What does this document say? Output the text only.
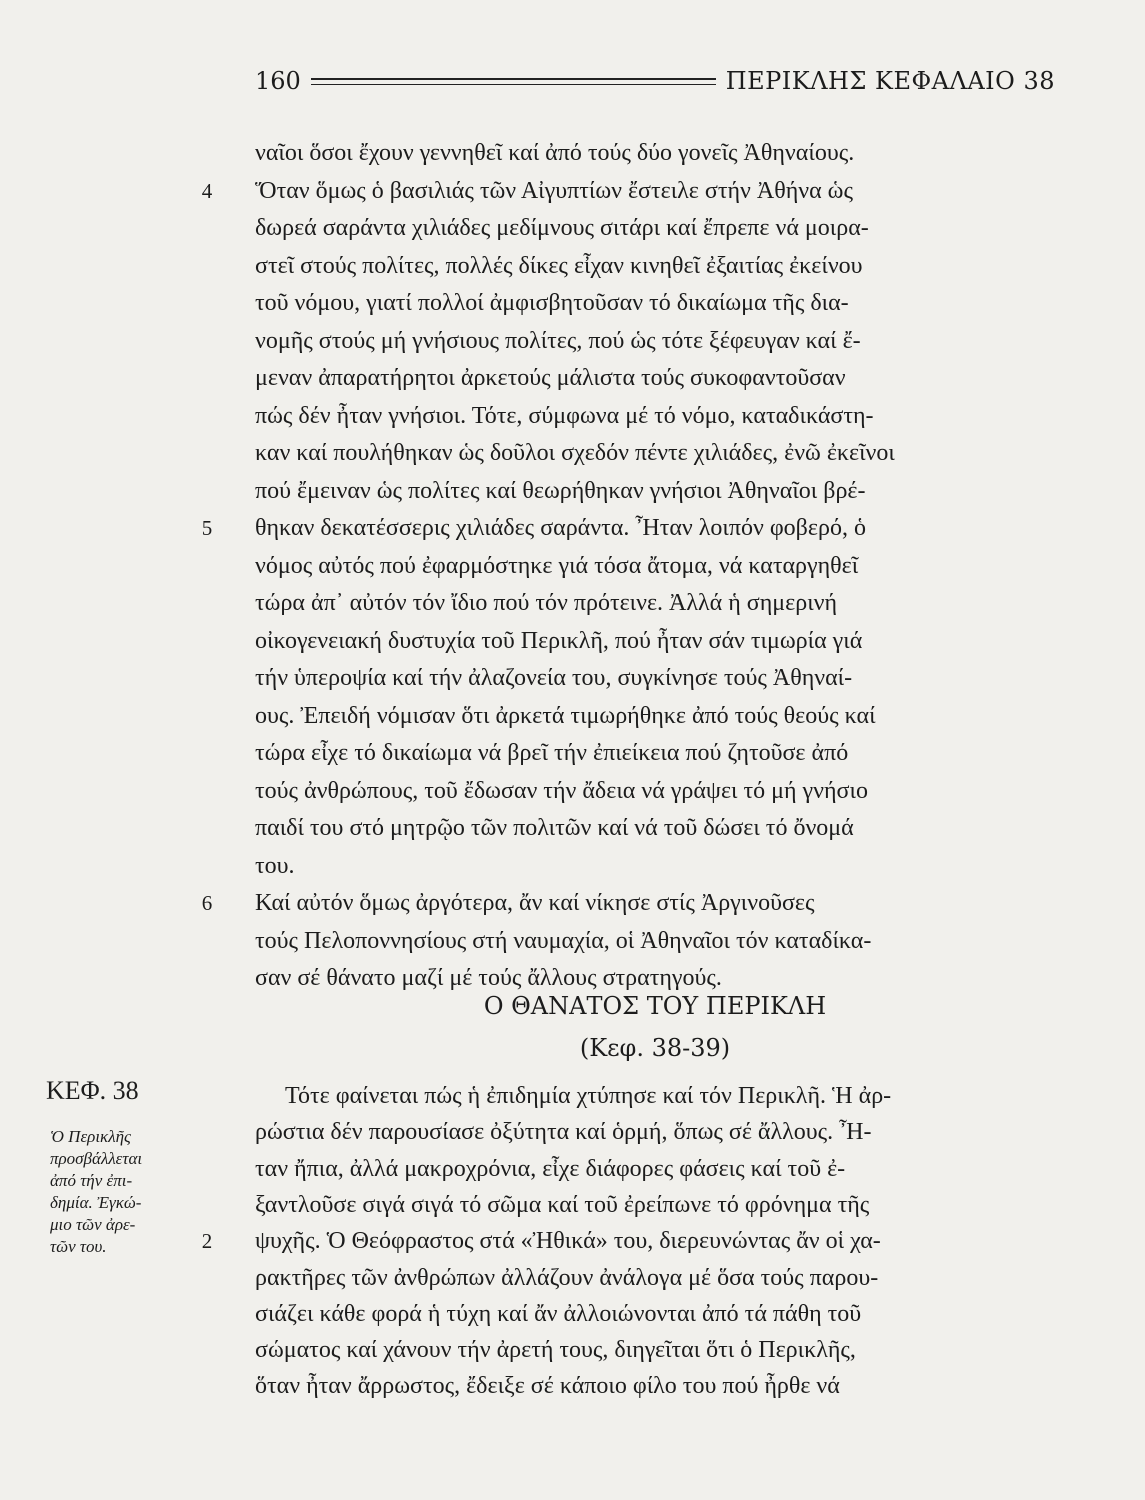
160	ΠΕΡΙΚΛΗΣ ΚΕΦΑΛΑΙΟ 38
ναῖοι ὅσοι ἔχουν γεννηθεῖ καί ἀπό τούς δύο γονεῖς Ἀθηναίους.
Ὅταν ὅμως ὁ βασιλιάς τῶν Αἰγυπτίων ἔστειλε στήν Ἀθήνα ὡς
4
δωρεά σαράντα χιλιάδες μεδίμνους σιτάρι καί ἔπρεπε νά μοιρα-
στεῖ στούς πολίτες, πολλές δίκες εἶχαν κινηθεῖ ἐξαιτίας ἐκείνου
τοῦ νόμου, γιατί πολλοί ἀμφισβητοῦσαν τό δικαίωμα τῆς δια-
νομῆς στούς μή γνήσιους πολίτες, πού ὡς τότε ξέφευγαν καί ἔ-
μεναν ἀπαρατήρητοι ἀρκετούς μάλιστα τούς συκοφαντοῦσαν
πώς δέν ἦταν γνήσιοι. Τότε, σύμφωνα μέ τό νόμο, καταδικάστη-
καν καί πουλήθηκαν ὡς δοῦλοι σχεδόν πέντε χιλιάδες, ἐνῶ ἐκεῖνοι
πού ἔμειναν ὡς πολίτες καί θεωρήθηκαν γνήσιοι Ἀθηναῖοι βρέ-
θηκαν δεκατέσσερις χιλιάδες σαράντα. Ἦταν λοιπόν φοβερό, ὁ
5
νόμος αὐτός πού ἐφαρμόστηκε γιά τόσα ἄτομα, νά καταργηθεῖ
τώρα ἀπ᾽ αὐτόν τόν ἴδιο πού τόν πρότεινε. Ἀλλά ἡ σημερινή
οἰκογενειακή δυστυχία τοῦ Περικλῆ, πού ἦταν σάν τιμωρία γιά
τήν ὑπεροψία καί τήν ἀλαζονεία του, συγκίνησε τούς Ἀθηναί-
ους. Ἐπειδή νόμισαν ὅτι ἀρκετά τιμωρήθηκε ἀπό τούς θεούς καί
τώρα εἶχε τό δικαίωμα νά βρεῖ τήν ἐπιείκεια πού ζητοῦσε ἀπό
τούς ἀνθρώπους, τοῦ ἔδωσαν τήν ἄδεια νά γράψει τό μή γνήσιο
παιδί του στό μητρῷο τῶν πολιτῶν καί νά τοῦ δώσει τό ὄνομά
του.
Καί αὐτόν ὅμως ἀργότερα, ἄν καί νίκησε στίς Ἀργινοῦσες
6
τούς Πελοποννησίους στή ναυμαχία, οἱ Ἀθηναῖοι τόν καταδίκα-
σαν σέ θάνατο μαζί μέ τούς ἄλλους στρατηγούς.
Ο ΘΑΝΑΤΟΣ ΤΟΥ ΠΕΡΙΚΛΗ
(Κεφ. 38-39)
ΚΕΦ. 38
Ὁ Περικλῆς
προσβάλλεται
ἀπό τήν ἐπι-
δημία. Ἐγκώ-
μιο τῶν ἀρε-
τῶν του.
Τότε φαίνεται πώς ἡ ἐπιδημία χτύπησε καί τόν Περικλῆ. Ἡ ἀρ-
ρώστια δέν παρουσίασε ὀξύτητα καί ὁρμή, ὅπως σέ ἄλλους. Ἦ-
ταν ἤπια, ἀλλά μακροχρόνια, εἶχε διάφορες φάσεις καί τοῦ ἐ-
ξαντλοῦσε σιγά σιγά τό σῶμα καί τοῦ ἐρείπωνε τό φρόνημα τῆς
ψυχῆς. Ὁ Θεόφραστος στά «Ἠθικά» του, διερευνώντας ἄν οἱ χα-
2
ρακτῆρες τῶν ἀνθρώπων ἀλλάζουν ἀνάλογα μέ ὅσα τούς παρου-
σιάζει κάθε φορά ἡ τύχη καί ἄν ἀλλοιώνονται ἀπό τά πάθη τοῦ
σώματος καί χάνουν τήν ἀρετή τους, διηγεῖται ὅτι ὁ Περικλῆς,
ὅταν ἦταν ἄρρωστος, ἔδειξε σέ κάποιο φίλο του πού ἦρθε νά
